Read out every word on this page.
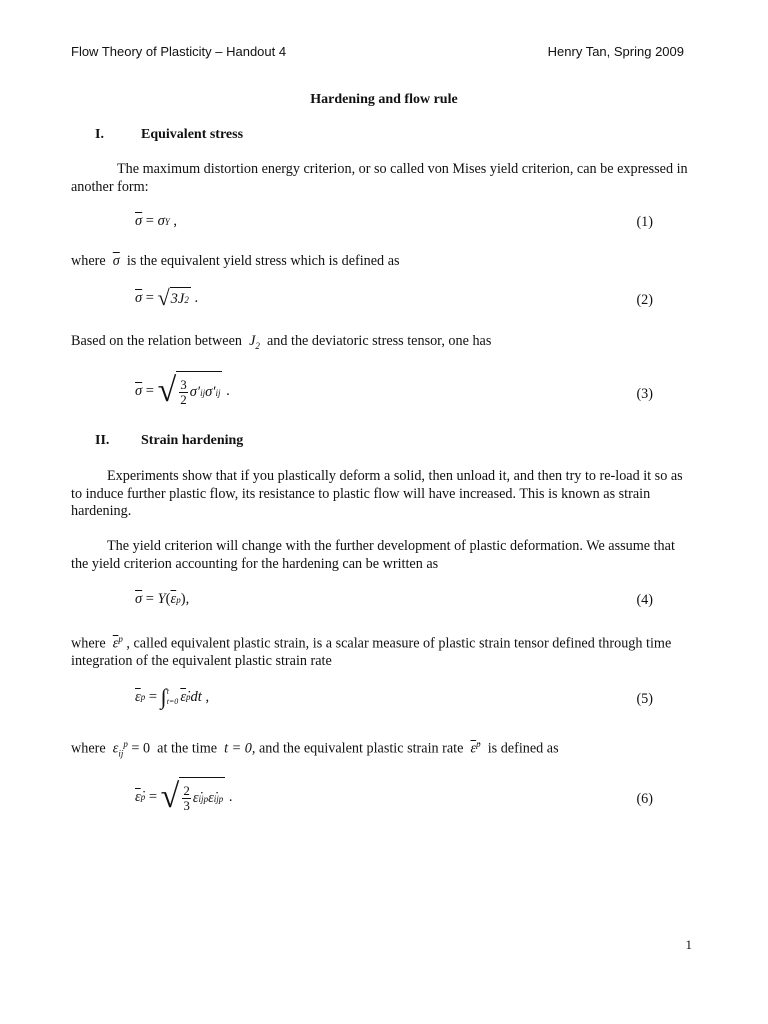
Flow Theory of Plasticity – Handout 4	Henry Tan, Spring 2009
Hardening and flow rule
I.	Equivalent stress
The maximum distortion energy criterion, or so called von Mises yield criterion, can be expressed in another form:
$\overline{\sigma} = \sigma$ Y
,	(1)
where $\overline{\sigma}$ is the equivalent yield stress which is defined as
$\overline{\sigma}$ = √ 3J 2
.	(2)
Based on the relation between $J_2$ and the deviatoric stress tensor, one has
$\overline{\sigma}$ = √ $\frac{3}{2} \sigma'$ ij σ′ ij
.	(3)
II. Strain hardening
Experiments show that if you plastically deform a solid, then unload it, and then try to re-load it so as to induce further plastic flow, its resistance to plastic flow will have increased. This is known as strain hardening.
The yield criterion will change with the further development of plastic deformation. We assume that the yield criterion accounting for the hardening can be written as
$\overline{\sigma} = Y$ ( $\overline{\varepsilon}$ p ) ,	(4)
where $\overline{\varepsilon}^p$ , called equivalent plastic strain, is a scalar measure of plastic strain tensor defined through time integration of the equivalent plastic strain rate
$\overline{\varepsilon}$ p = ∫ t
t=0 ε̇ p dt
,	(5)
where $\varepsilon_{ij}^p = 0$ at the time t = 0, and the equivalent plastic strain rate ε̇$^p$ is defined as
ε̇ p = √ $\frac{2}{3}$ ε̇ ij p ε̇ ij p
.	(6)
1
